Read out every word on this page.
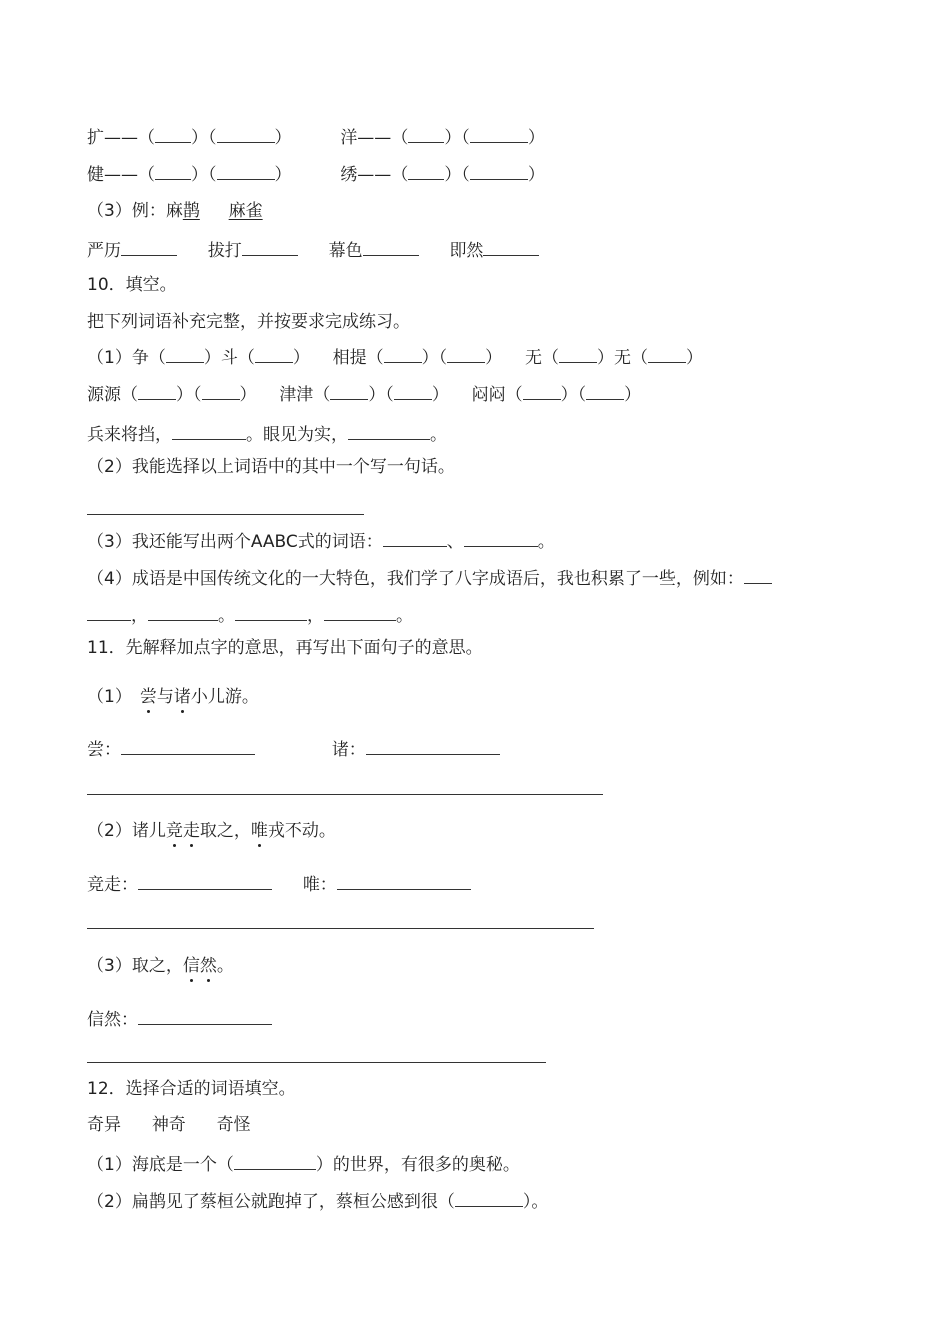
扩——（ ）（	）	洋——（ ）（	）
健——（ ）（	）	绣——（ ）（	）
（3）例：麻鹊 麻雀
严历	拔打	幕色	即然
10．填空。
把下列词语补充完整，并按要求完成练习。
（1）争（ ）斗（ ）  相提（ ）（ ）  无（ ）无（ ）
源源（ ）（ ）  津津（ ）（ ）  闷闷（ ）（ ）
兵来将挡，	。眼见为实，	。
（2）我能选择以上词语中的其中一个写一句话。
（3）我还能写出两个AABC式的词语：	、	。
（4）成语是中国传统文化的一大特色，我们学了八字成语后，我也积累了一些，例如：
，	。	，	。
11．先解释加点字的意思，再写出下面句子的意思。
（1） 尝与诸小儿游。
尝：	诸：
（2）诸儿竞走取之，唯戎不动。
竞走：	唯：
（3）取之，信然。
信然：
12．选择合适的词语填空。
奇异 神奇 奇怪
（1）海底是一个（	）的世界，有很多的奥秘。
（2）扁鹊见了蔡桓公就跑掉了，蔡桓公感到很（	）。
